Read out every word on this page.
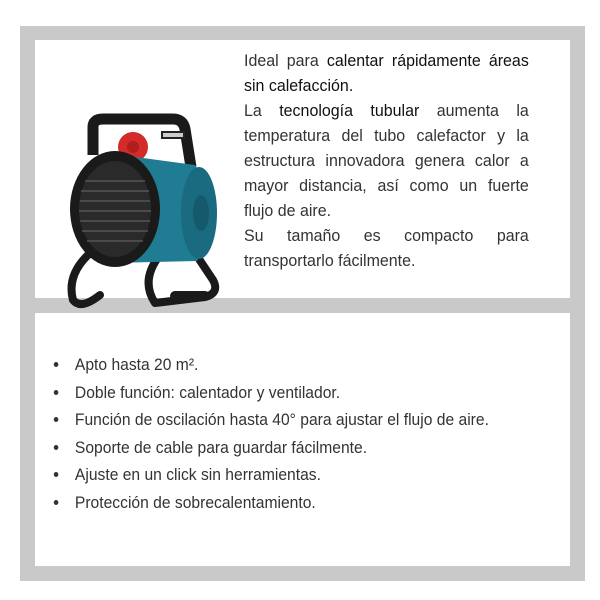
Ideal para calentar rápidamente áreas sin calefacción.

La tecnología tubular aumenta la temperatura del tubo calefactor y la estructura innovadora genera calor a mayor distancia, así como un fuerte flujo de aire.

Su tamaño es compacto para transportarlo fácilmente.

Apto hasta 20 m².
Doble función: calentador y ventilador.
Función de oscilación hasta 40° para ajustar el flujo de aire.
Soporte de cable para guardar fácilmente.
Ajuste en un click sin herramientas.
Protección de sobrecalentamiento.
